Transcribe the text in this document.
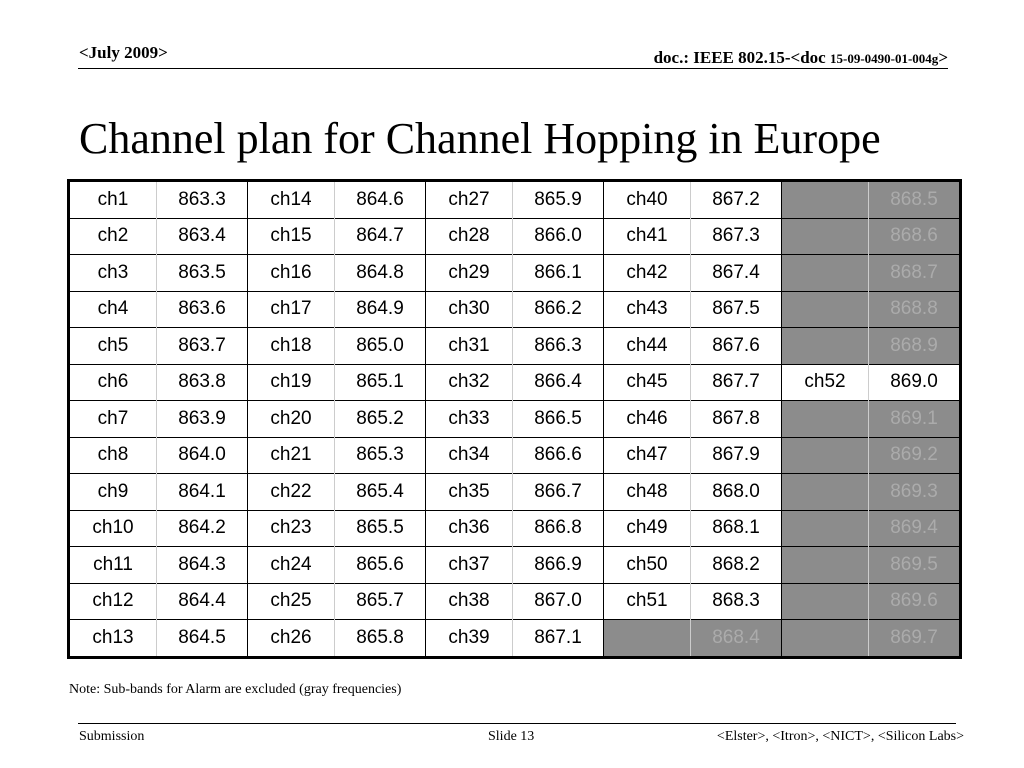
<July 2009>	doc.: IEEE 802.15-<doc 15-09-0490-01-004g>
Channel plan for Channel Hopping in Europe
ch1	863.3	ch14	864.6	ch27	865.9	ch40	867.2		868.5
ch2	863.4	ch15	864.7	ch28	866.0	ch41	867.3		868.6
ch3	863.5	ch16	864.8	ch29	866.1	ch42	867.4		868.7
ch4	863.6	ch17	864.9	ch30	866.2	ch43	867.5		868.8
ch5	863.7	ch18	865.0	ch31	866.3	ch44	867.6		868.9
ch6	863.8	ch19	865.1	ch32	866.4	ch45	867.7	ch52	869.0
ch7	863.9	ch20	865.2	ch33	866.5	ch46	867.8		869.1
ch8	864.0	ch21	865.3	ch34	866.6	ch47	867.9		869.2
ch9	864.1	ch22	865.4	ch35	866.7	ch48	868.0		869.3
ch10	864.2	ch23	865.5	ch36	866.8	ch49	868.1		869.4
ch11	864.3	ch24	865.6	ch37	866.9	ch50	868.2		869.5
ch12	864.4	ch25	865.7	ch38	867.0	ch51	868.3		869.6
ch13	864.5	ch26	865.8	ch39	867.1		868.4		869.7
Note: Sub-bands for Alarm are excluded (gray frequencies)
Submission	Slide 13	<Elster>, <Itron>, <NICT>, <Silicon Labs>
